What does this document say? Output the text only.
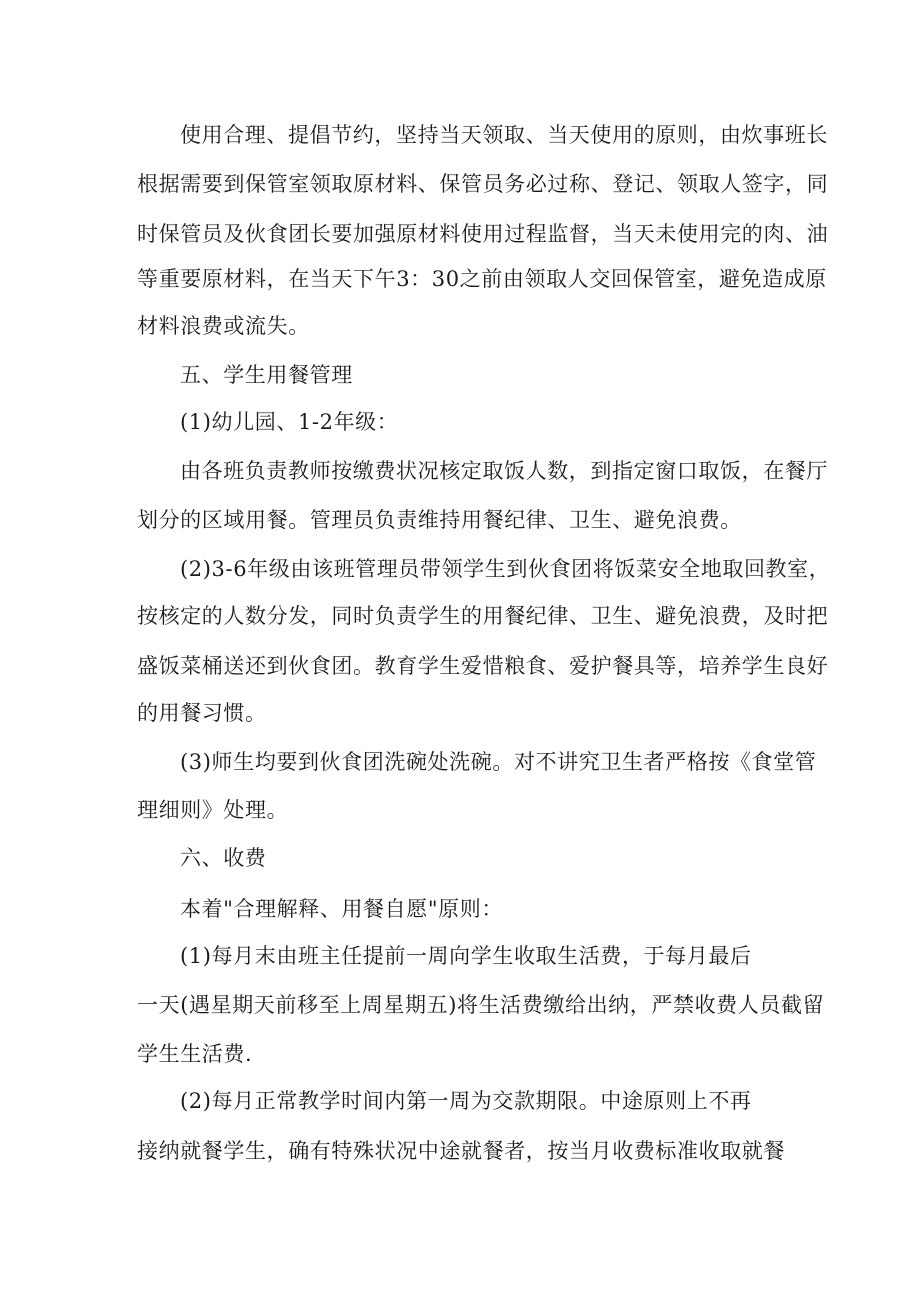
使用合理、提倡节约，坚持当天领取、当天使用的原则，由炊事班长
根据需要到保管室领取原材料、保管员务必过称、登记、领取人签字，同
时保管员及伙食团长要加强原材料使用过程监督，当天未使用完的肉、油
等重要原材料，在当天下午3：30之前由领取人交回保管室，避免造成原
材料浪费或流失。
五、学生用餐管理
(1)幼儿园、1-2年级：
由各班负责教师按缴费状况核定取饭人数，到指定窗口取饭，在餐厅
划分的区域用餐。管理员负责维持用餐纪律、卫生、避免浪费。
(2)3-6年级由该班管理员带领学生到伙食团将饭菜安全地取回教室，
按核定的人数分发，同时负责学生的用餐纪律、卫生、避免浪费，及时把
盛饭菜桶送还到伙食团。教育学生爱惜粮食、爱护餐具等，培养学生良好
的用餐习惯。
(3)师生均要到伙食团洗碗处洗碗。对不讲究卫生者严格按《食堂管
理细则》处理。
六、收费
本着"合理解释、用餐自愿"原则：
(1)每月末由班主任提前一周向学生收取生活费，于每月最后
一天(遇星期天前移至上周星期五)将生活费缴给出纳，严禁收费人员截留
学生生活费.
(2)每月正常教学时间内第一周为交款期限。中途原则上不再
接纳就餐学生，确有特殊状况中途就餐者，按当月收费标准收取就餐
